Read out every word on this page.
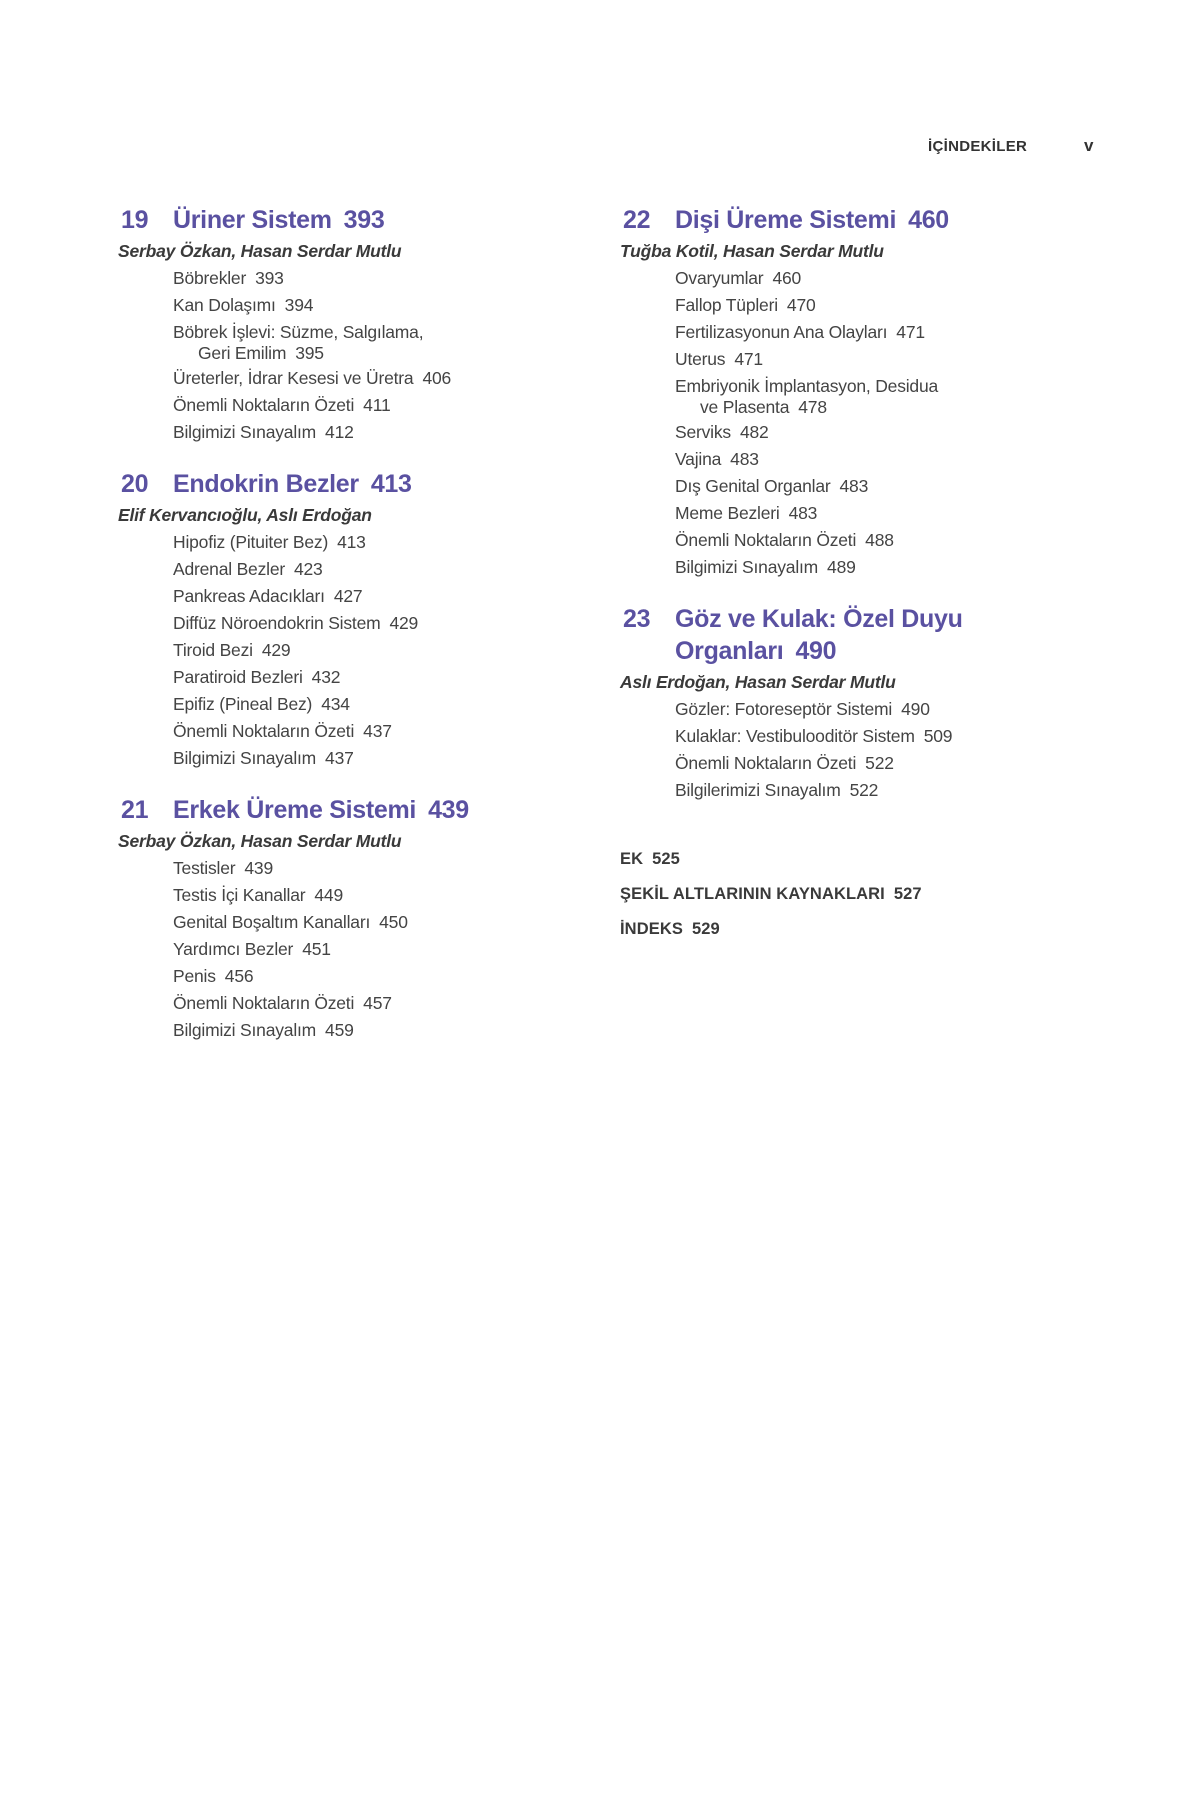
İÇİNDEKİLER	v
19 Üriner Sistem 393
Serbay Özkan, Hasan Serdar Mutlu
Böbrekler 393
Kan Dolaşımı 394
Böbrek İşlevi: Süzme, Salgılama,
Geri Emilim 395
Üreterler, İdrar Kesesi ve Üretra 406
Önemli Noktaların Özeti 411
Bilgimizi Sınayalım 412
20 Endokrin Bezler 413
Elif Kervancıoğlu, Aslı Erdoğan
Hipofiz (Pituiter Bez) 413
Adrenal Bezler 423
Pankreas Adacıkları 427
Diffüz Nöroendokrin Sistem 429
Tiroid Bezi 429
Paratiroid Bezleri 432
Epifiz (Pineal Bez) 434
Önemli Noktaların Özeti 437
Bilgimizi Sınayalım 437
21 Erkek Üreme Sistemi 439
Serbay Özkan, Hasan Serdar Mutlu
Testisler 439
Testis İçi Kanallar 449
Genital Boşaltım Kanalları 450
Yardımcı Bezler 451
Penis 456
Önemli Noktaların Özeti 457
Bilgimizi Sınayalım 459
22 Dişi Üreme Sistemi 460
Tuğba Kotil, Hasan Serdar Mutlu
Ovaryumlar 460
Fallop Tüpleri 470
Fertilizasyonun Ana Olayları 471
Uterus 471
Embriyonik İmplantasyon, Desidua
ve Plasenta 478
Serviks 482
Vajina 483
Dış Genital Organlar 483
Meme Bezleri 483
Önemli Noktaların Özeti 488
Bilgimizi Sınayalım 489
23 Göz ve Kulak: Özel Duyu
Organları 490
Aslı Erdoğan, Hasan Serdar Mutlu
Gözler: Fotoreseptör Sistemi 490
Kulaklar: Vestibulooditör Sistem 509
Önemli Noktaların Özeti 522
Bilgilerimizi Sınayalım 522
EK 525
ŞEKİL ALTLARININ KAYNAKLARI 527
İNDEKS 529
